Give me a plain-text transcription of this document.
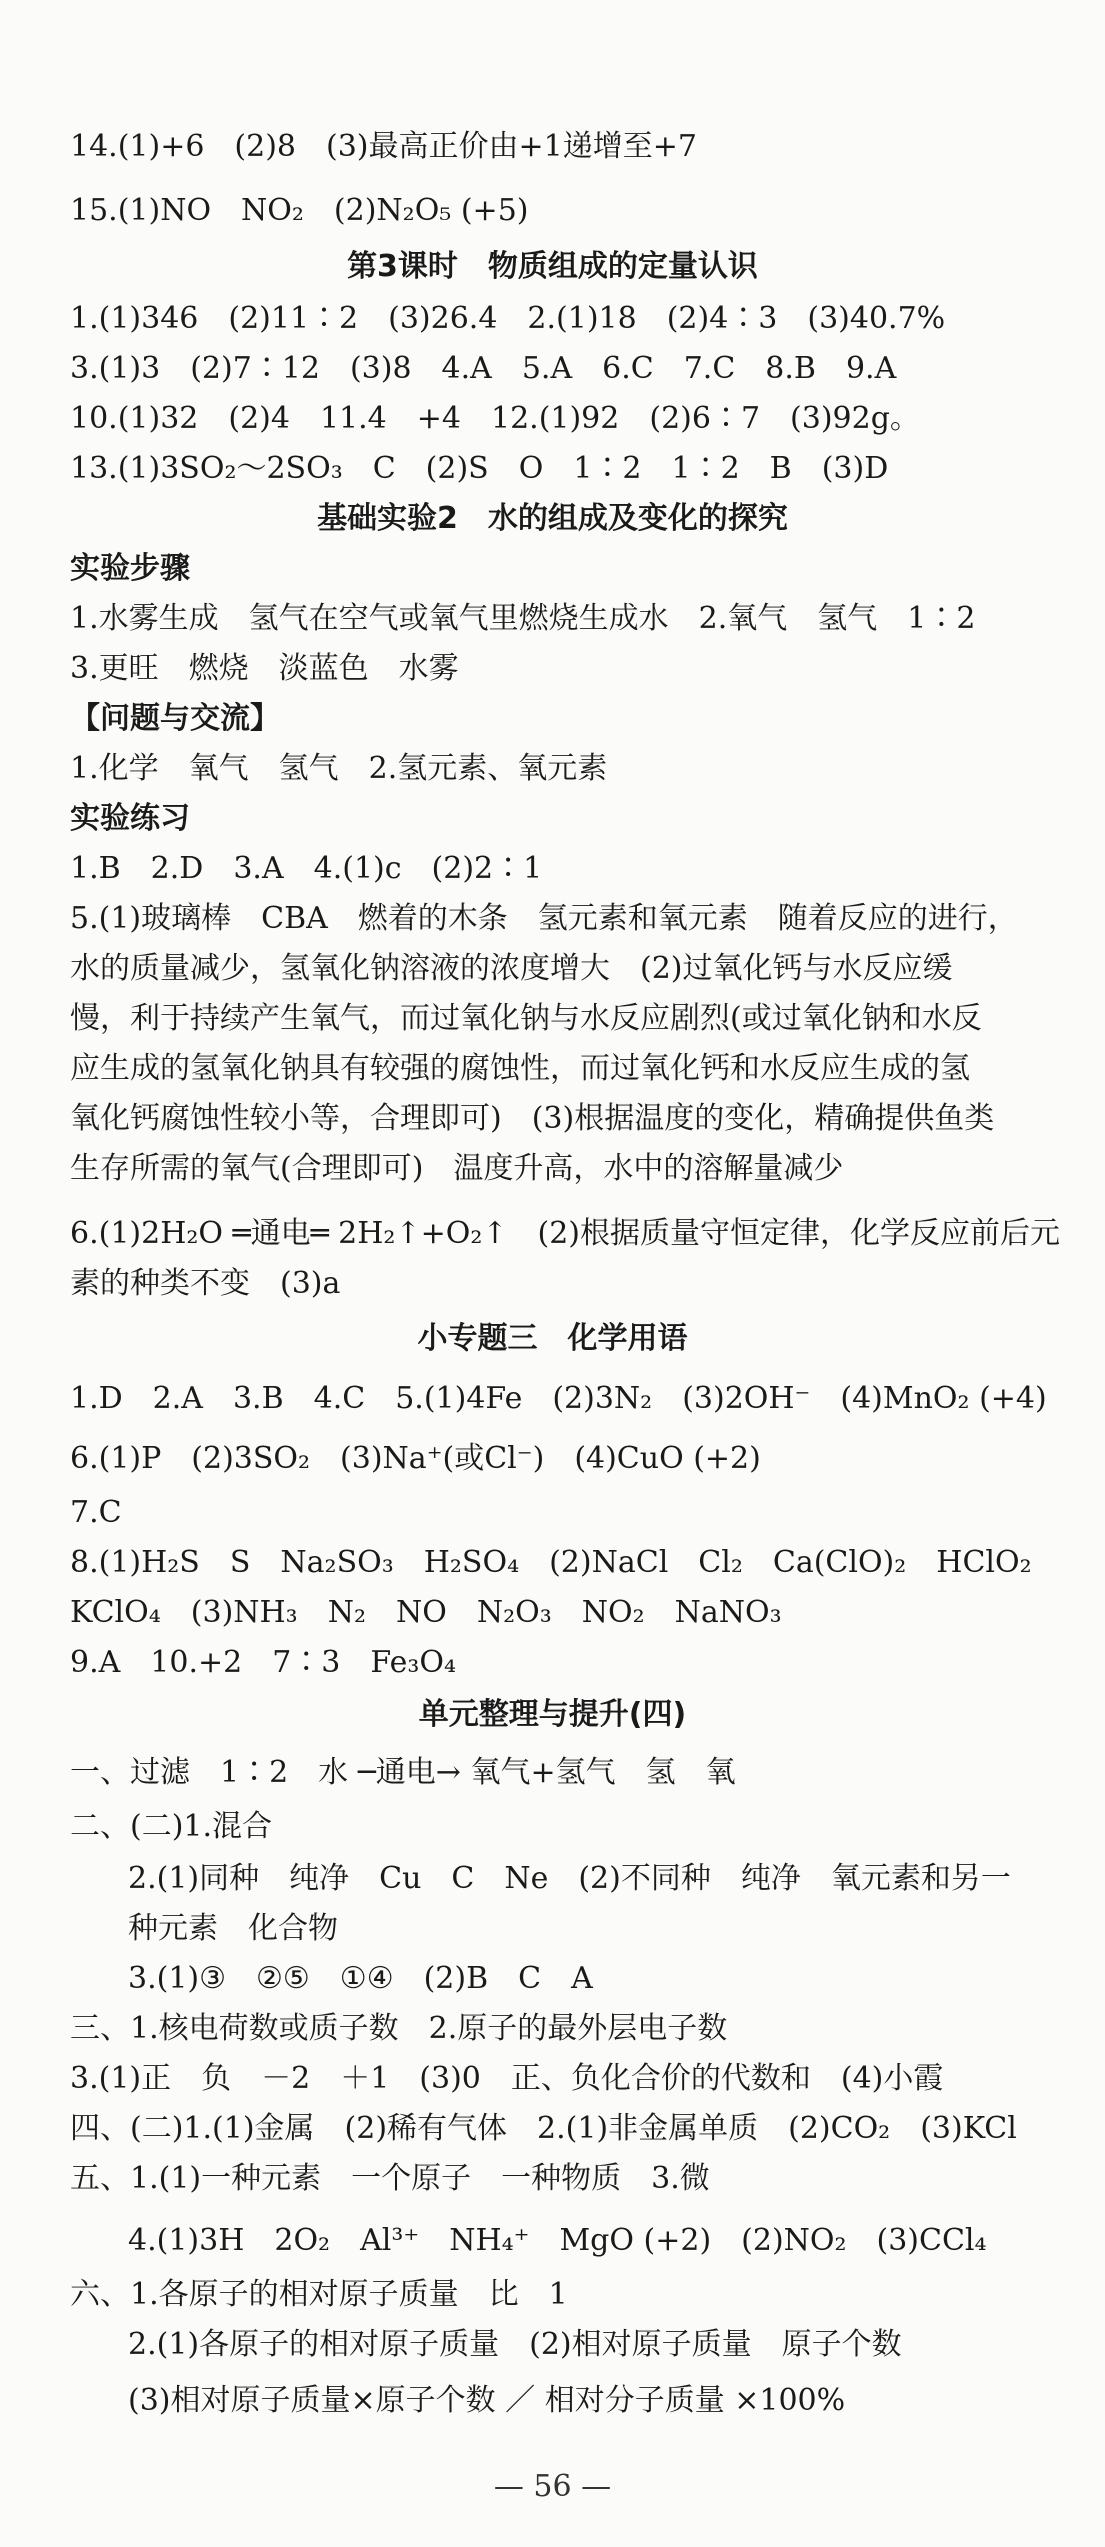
14.(1)+6　(2)8　(3)最高正价由+1递增至+7
15.(1)NO　NO₂　(2)N₂O₅ (+5)
第3课时　物质组成的定量认识
1.(1)346　(2)11∶2　(3)26.4　2.(1)18　(2)4∶3　(3)40.7%
3.(1)3　(2)7∶12　(3)8　4.A　5.A　6.C　7.C　8.B　9.A
10.(1)32　(2)4　11.4　+4　12.(1)92　(2)6∶7　(3)92g。
13.(1)3SO₂～2SO₃　C　(2)S　O　1∶2　1∶2　B　(3)D
基础实验2　水的组成及变化的探究
实验步骤
1.水雾生成　氢气在空气或氧气里燃烧生成水　2.氧气　氢气　1∶2
3.更旺　燃烧　淡蓝色　水雾
【问题与交流】
1.化学　氧气　氢气　2.氢元素、氧元素
实验练习
1.B　2.D　3.A　4.(1)c　(2)2∶1
5.(1)玻璃棒　CBA　燃着的木条　氢元素和氧元素　随着反应的进行，
水的质量减少，氢氧化钠溶液的浓度增大　(2)过氧化钙与水反应缓
慢，利于持续产生氧气，而过氧化钠与水反应剧烈(或过氧化钠和水反
应生成的氢氧化钠具有较强的腐蚀性，而过氧化钙和水反应生成的氢
氧化钙腐蚀性较小等，合理即可)　(3)根据温度的变化，精确提供鱼类
生存所需的氧气(合理即可)　温度升高，水中的溶解量减少
6.(1)2H₂O ═通电═ 2H₂↑+O₂↑　(2)根据质量守恒定律，化学反应前后元
素的种类不变　(3)a
小专题三　化学用语
1.D　2.A　3.B　4.C　5.(1)4Fe　(2)3N₂　(3)2OH⁻　(4)MnO₂ (+4)
6.(1)P　(2)3SO₂　(3)Na⁺(或Cl⁻)　(4)CuO (+2)
7.C
8.(1)H₂S　S　Na₂SO₃　H₂SO₄　(2)NaCl　Cl₂　Ca(ClO)₂　HClO₂
KClO₄　(3)NH₃　N₂　NO　N₂O₃　NO₂　NaNO₃
9.A　10.+2　7∶3　Fe₃O₄
单元整理与提升(四)
一、过滤　1∶2　水 ─通电→ 氧气+氢气　氢　氧
二、(二)1.混合
2.(1)同种　纯净　Cu　C　Ne　(2)不同种　纯净　氧元素和另一
种元素　化合物
3.(1)③　②⑤　①④　(2)B　C　A
三、1.核电荷数或质子数　2.原子的最外层电子数
3.(1)正　负　－2　＋1　(3)0　正、负化合价的代数和　(4)小霞
四、(二)1.(1)金属　(2)稀有气体　2.(1)非金属单质　(2)CO₂　(3)KCl
五、1.(1)一种元素　一个原子　一种物质　3.微
4.(1)3H　2O₂　Al³⁺　NH₄⁺　MgO (+2)　(2)NO₂　(3)CCl₄
六、1.各原子的相对原子质量　比　1
2.(1)各原子的相对原子质量　(2)相对原子质量　原子个数
(3)相对原子质量×原子个数 ／ 相对分子质量 ×100%
— 56 —
